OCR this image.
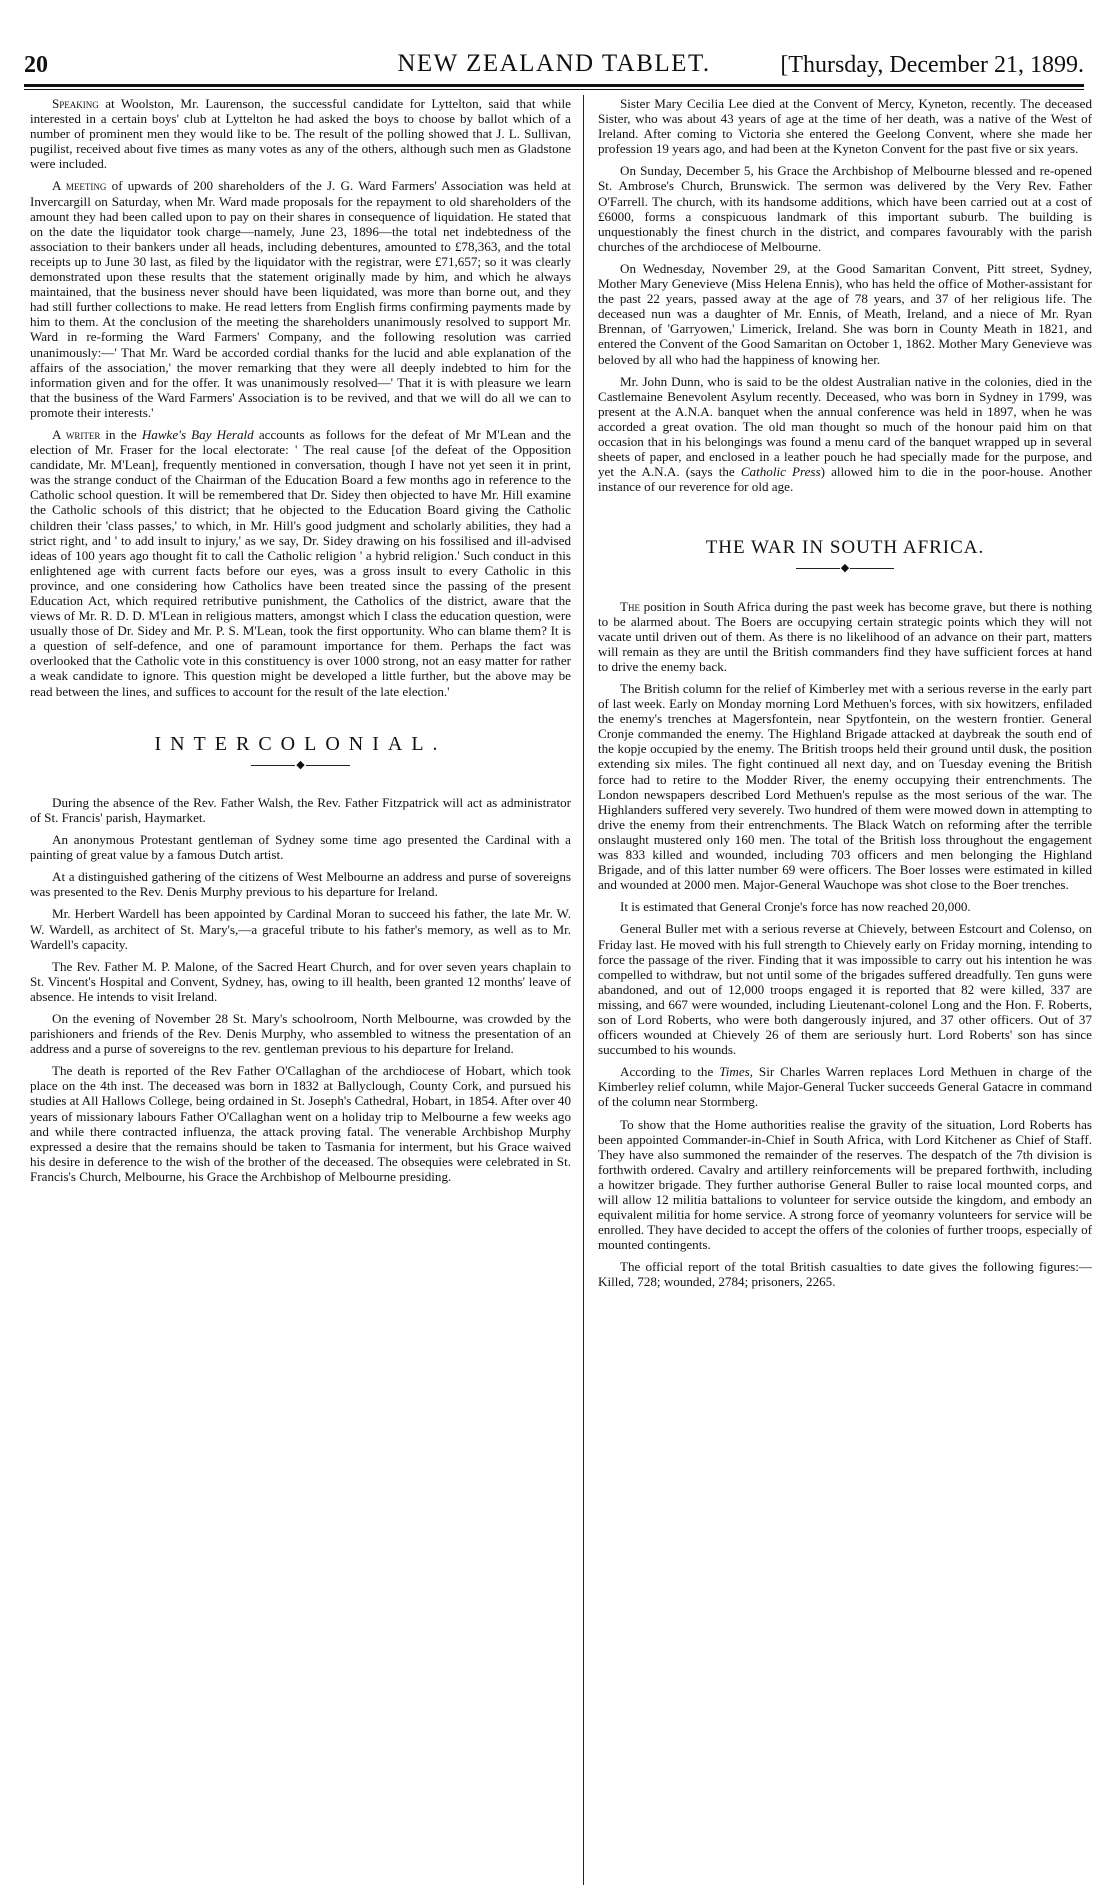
20	NEW ZEALAND TABLET.	[Thursday, December 21, 1899.

Speaking at Woolston, Mr. Laurenson, the successful candidate for Lyttelton, said that while interested in a certain boys' club at Lyttelton he had asked the boys to choose by ballot which of a number of prominent men they would like to be. The result of the polling showed that J. L. Sullivan, pugilist, received about five times as many votes as any of the others, although such men as Gladstone were included.

A meeting of upwards of 200 shareholders of the J. G. Ward Farmers' Association was held at Invercargill on Saturday, when Mr. Ward made proposals for the repayment to old shareholders of the amount they had been called upon to pay on their shares in consequence of liquidation. He stated that on the date the liquidator took charge—namely, June 23, 1896—the total net indebtedness of the association to their bankers under all heads, including debentures, amounted to £78,363, and the total receipts up to June 30 last, as filed by the liquidator with the registrar, were £71,657; so it was clearly demonstrated upon these results that the statement originally made by him, and which he always maintained, that the business never should have been liquidated, was more than borne out, and they had still further collections to make. He read letters from English firms confirming payments made by him to them. At the conclusion of the meeting the shareholders unanimously resolved to support Mr. Ward in re-forming the Ward Farmers' Company, and the following resolution was carried unanimously:—' That Mr. Ward be accorded cordial thanks for the lucid and able explanation of the affairs of the association,' the mover remarking that they were all deeply indebted to him for the information given and for the offer. It was unanimously resolved—' That it is with pleasure we learn that the business of the Ward Farmers' Association is to be revived, and that we will do all we can to promote their interests.'

A writer in the Hawke's Bay Herald accounts as follows for the defeat of Mr M'Lean and the election of Mr. Fraser for the local electorate: ' The real cause [of the defeat of the Opposition candidate, Mr. M'Lean], frequently mentioned in conversation, though I have not yet seen it in print, was the strange conduct of the Chairman of the Education Board a few months ago in reference to the Catholic school question. It will be remembered that Dr. Sidey then objected to have Mr. Hill examine the Catholic schools of this district; that he objected to the Education Board giving the Catholic children their 'class passes,' to which, in Mr. Hill's good judgment and scholarly abilities, they had a strict right, and ' to add insult to injury,' as we say, Dr. Sidey drawing on his fossilised and ill-advised ideas of 100 years ago thought fit to call the Catholic religion ' a hybrid religion.' Such conduct in this enlightened age with current facts before our eyes, was a gross insult to every Catholic in this province, and one considering how Catholics have been treated since the passing of the present Education Act, which required retributive punishment, the Catholics of the district, aware that the views of Mr. R. D. D. M'Lean in religious matters, amongst which I class the education question, were usually those of Dr. Sidey and Mr. P. S. M'Lean, took the first opportunity. Who can blame them? It is a question of self-defence, and one of paramount importance for them. Perhaps the fact was overlooked that the Catholic vote in this constituency is over 1000 strong, not an easy matter for rather a weak candidate to ignore. This question might be developed a little further, but the above may be read between the lines, and suffices to account for the result of the late election.'

INTERCOLONIAL.
◆

During the absence of the Rev. Father Walsh, the Rev. Father Fitzpatrick will act as administrator of St. Francis' parish, Haymarket.

An anonymous Protestant gentleman of Sydney some time ago presented the Cardinal with a painting of great value by a famous Dutch artist.

At a distinguished gathering of the citizens of West Melbourne an address and purse of sovereigns was presented to the Rev. Denis Murphy previous to his departure for Ireland.

Mr. Herbert Wardell has been appointed by Cardinal Moran to succeed his father, the late Mr. W. W. Wardell, as architect of St. Mary's,—a graceful tribute to his father's memory, as well as to Mr. Wardell's capacity.

The Rev. Father M. P. Malone, of the Sacred Heart Church, and for over seven years chaplain to St. Vincent's Hospital and Convent, Sydney, has, owing to ill health, been granted 12 months' leave of absence. He intends to visit Ireland.

On the evening of November 28 St. Mary's schoolroom, North Melbourne, was crowded by the parishioners and friends of the Rev. Denis Murphy, who assembled to witness the presentation of an address and a purse of sovereigns to the rev. gentleman previous to his departure for Ireland.

The death is reported of the Rev Father O'Callaghan of the archdiocese of Hobart, which took place on the 4th inst. The deceased was born in 1832 at Ballyclough, County Cork, and pursued his studies at All Hallows College, being ordained in St. Joseph's Cathedral, Hobart, in 1854. After over 40 years of missionary labours Father O'Callaghan went on a holiday trip to Melbourne a few weeks ago and while there contracted influenza, the attack proving fatal. The venerable Archbishop Murphy expressed a desire that the remains should be taken to Tasmania for interment, but his Grace waived his desire in deference to the wish of the brother of the deceased. The obsequies were celebrated in St. Francis's Church, Melbourne, his Grace the Archbishop of Melbourne presiding.

Sister Mary Cecilia Lee died at the Convent of Mercy, Kyneton, recently. The deceased Sister, who was about 43 years of age at the time of her death, was a native of the West of Ireland. After coming to Victoria she entered the Geelong Convent, where she made her profession 19 years ago, and had been at the Kyneton Convent for the past five or six years.

On Sunday, December 5, his Grace the Archbishop of Melbourne blessed and re-opened St. Ambrose's Church, Brunswick. The sermon was delivered by the Very Rev. Father O'Farrell. The church, with its handsome additions, which have been carried out at a cost of £6000, forms a conspicuous landmark of this important suburb. The building is unquestionably the finest church in the district, and compares favourably with the parish churches of the archdiocese of Melbourne.

On Wednesday, November 29, at the Good Samaritan Convent, Pitt street, Sydney, Mother Mary Genevieve (Miss Helena Ennis), who has held the office of Mother-assistant for the past 22 years, passed away at the age of 78 years, and 37 of her religious life. The deceased nun was a daughter of Mr. Ennis, of Meath, Ireland, and a niece of Mr. Ryan Brennan, of 'Garryowen,' Limerick, Ireland. She was born in County Meath in 1821, and entered the Convent of the Good Samaritan on October 1, 1862. Mother Mary Genevieve was beloved by all who had the happiness of knowing her.

Mr. John Dunn, who is said to be the oldest Australian native in the colonies, died in the Castlemaine Benevolent Asylum recently. Deceased, who was born in Sydney in 1799, was present at the A.N.A. banquet when the annual conference was held in 1897, when he was accorded a great ovation. The old man thought so much of the honour paid him on that occasion that in his belongings was found a menu card of the banquet wrapped up in several sheets of paper, and enclosed in a leather pouch he had specially made for the purpose, and yet the A.N.A. (says the Catholic Press) allowed him to die in the poor-house. Another instance of our reverence for old age.

THE WAR IN SOUTH AFRICA.
◆

The position in South Africa during the past week has become grave, but there is nothing to be alarmed about. The Boers are occupying certain strategic points which they will not vacate until driven out of them. As there is no likelihood of an advance on their part, matters will remain as they are until the British commanders find they have sufficient forces at hand to drive the enemy back.

The British column for the relief of Kimberley met with a serious reverse in the early part of last week. Early on Monday morning Lord Methuen's forces, with six howitzers, enfiladed the enemy's trenches at Magersfontein, near Spytfontein, on the western frontier. General Cronje commanded the enemy. The Highland Brigade attacked at daybreak the south end of the kopje occupied by the enemy. The British troops held their ground until dusk, the position extending six miles. The fight continued all next day, and on Tuesday evening the British force had to retire to the Modder River, the enemy occupying their entrenchments. The London newspapers described Lord Methuen's repulse as the most serious of the war. The Highlanders suffered very severely. Two hundred of them were mowed down in attempting to drive the enemy from their entrenchments. The Black Watch on reforming after the terrible onslaught mustered only 160 men. The total of the British loss throughout the engagement was 833 killed and wounded, including 703 officers and men belonging the Highland Brigade, and of this latter number 69 were officers. The Boer losses were estimated in killed and wounded at 2000 men. Major-General Wauchope was shot close to the Boer trenches.

It is estimated that General Cronje's force has now reached 20,000.

General Buller met with a serious reverse at Chievely, between Estcourt and Colenso, on Friday last. He moved with his full strength to Chievely early on Friday morning, intending to force the passage of the river. Finding that it was impossible to carry out his intention he was compelled to withdraw, but not until some of the brigades suffered dreadfully. Ten guns were abandoned, and out of 12,000 troops engaged it is reported that 82 were killed, 337 are missing, and 667 were wounded, including Lieutenant-colonel Long and the Hon. F. Roberts, son of Lord Roberts, who were both dangerously injured, and 37 other officers. Out of 37 officers wounded at Chievely 26 of them are seriously hurt. Lord Roberts' son has since succumbed to his wounds.

According to the Times, Sir Charles Warren replaces Lord Methuen in charge of the Kimberley relief column, while Major-General Tucker succeeds General Gatacre in command of the column near Stormberg.

To show that the Home authorities realise the gravity of the situation, Lord Roberts has been appointed Commander-in-Chief in South Africa, with Lord Kitchener as Chief of Staff. They have also summoned the remainder of the reserves. The despatch of the 7th division is forthwith ordered. Cavalry and artillery reinforcements will be prepared forthwith, including a howitzer brigade. They further authorise General Buller to raise local mounted corps, and will allow 12 militia battalions to volunteer for service outside the kingdom, and embody an equivalent militia for home service. A strong force of yeomanry volunteers for service will be enrolled. They have decided to accept the offers of the colonies of further troops, especially of mounted contingents.

The official report of the total British casualties to date gives the following figures:—Killed, 728; wounded, 2784; prisoners, 2265.
